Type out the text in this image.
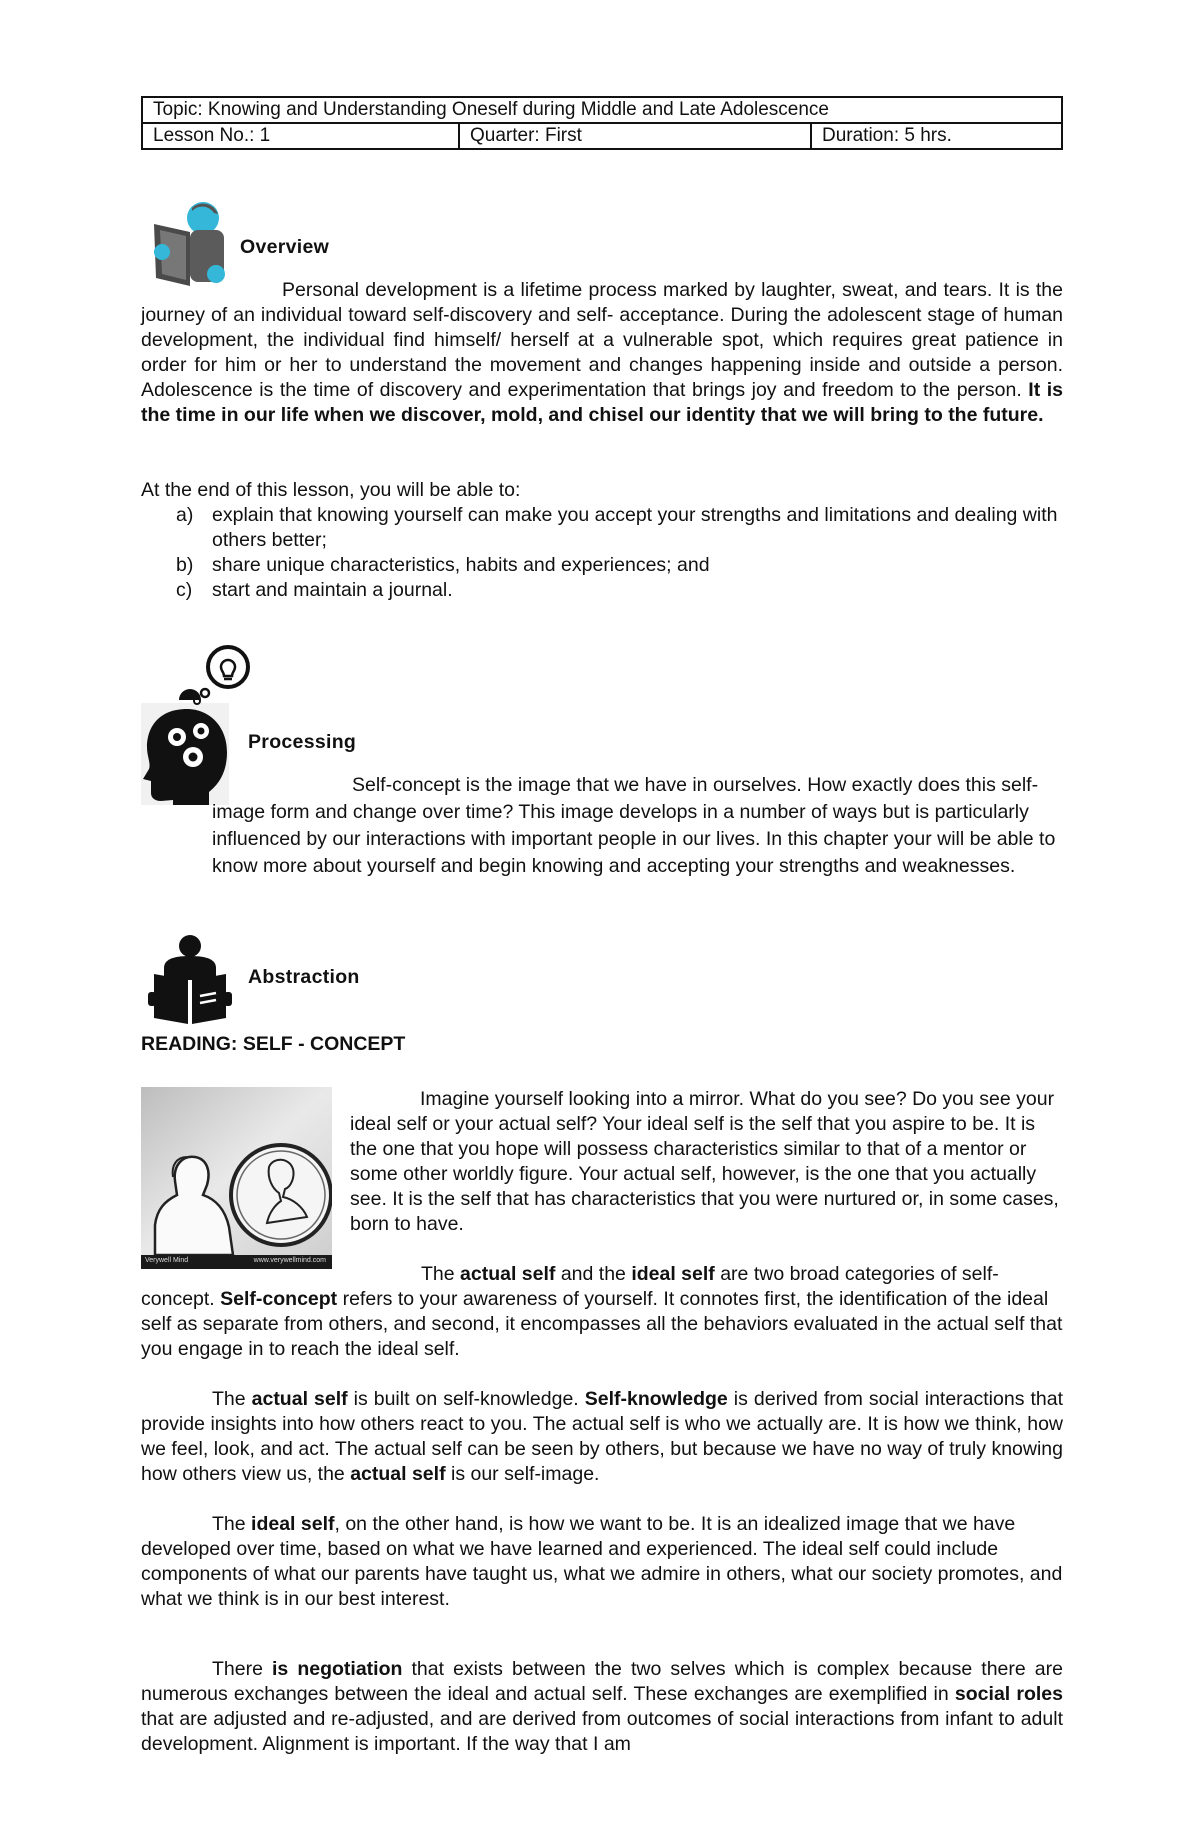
Topic: Knowing and Understanding Oneself during Middle and Late Adolescence
Lesson No.: 1	Quarter: First	Duration: 5 hrs.
Overview
Personal development is a lifetime process marked by laughter, sweat, and tears. It is the journey of an individual toward self-discovery and self- acceptance. During the adolescent stage of human development, the individual find himself/ herself at a vulnerable spot, which requires great patience in order for him or her to understand the movement and changes happening inside and outside a person. Adolescence is the time of discovery and experimentation that brings joy and freedom to the person. It is the time in our life when we discover, mold, and chisel our identity that we will bring to the future.
At the end of this lesson, you will be able to:
a) explain that knowing yourself can make you accept your strengths and limitations and dealing with others better;
b) share unique characteristics, habits and experiences; and
c)	start and maintain a journal.
Processing
Self-concept is the image that we have in ourselves. How exactly does this self-image form and change over time? This image develops in a number of ways but is particularly influenced by our interactions with important people in our lives. In this chapter your will be able to know more about yourself and begin knowing and accepting your strengths and weaknesses.
Abstraction
READING: SELF - CONCEPT
Verywell Mind	www.verywellmind.com
Imagine yourself looking into a mirror. What do you see? Do you see your ideal self or your actual self? Your ideal self is the self that you aspire to be. It is the one that you hope will possess characteristics similar to that of a mentor or some other worldly figure. Your actual self, however, is the one that you actually see. It is the self that has characteristics that you were nurtured or, in some cases, born to have.
The actual self and the ideal self are two broad categories of self-concept. Self-concept refers to your awareness of yourself. It connotes first, the identification of the ideal self as separate from others, and second, it encompasses all the behaviors evaluated in the actual self that you engage in to reach the ideal self.
The actual self is built on self-knowledge. Self-knowledge is derived from social interactions that provide insights into how others react to you. The actual self is who we actually are. It is how we think, how we feel, look, and act. The actual self can be seen by others, but because we have no way of truly knowing how others view us, the actual self is our self-image.
The ideal self, on the other hand, is how we want to be. It is an idealized image that we have developed over time, based on what we have learned and experienced. The ideal self could include components of what our parents have taught us, what we admire in others, what our society promotes, and what we think is in our best interest.
There is negotiation that exists between the two selves which is complex because there are numerous exchanges between the ideal and actual self. These exchanges are exemplified in social roles that are adjusted and re-adjusted, and are derived from outcomes of social interactions from infant to adult development. Alignment is important. If the way that I am
